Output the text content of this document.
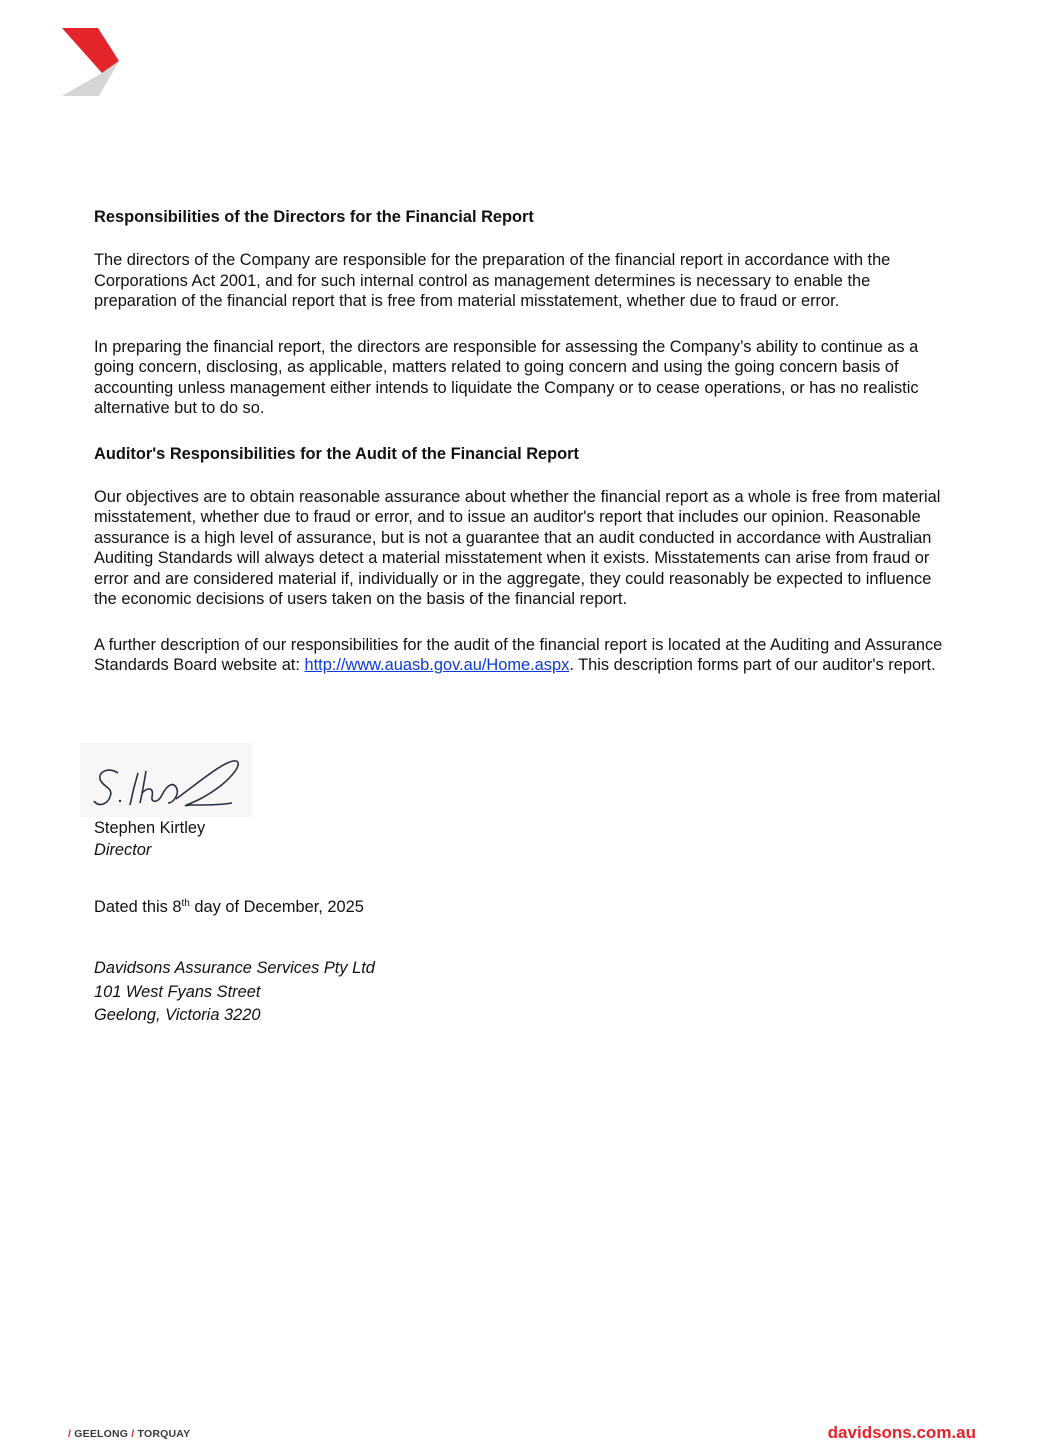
Responsibilities of the Directors for the Financial Report

The directors of the Company are responsible for the preparation of the financial report in accordance with the Corporations Act 2001, and for such internal control as management determines is necessary to enable the preparation of the financial report that is free from material misstatement, whether due to fraud or error.

In preparing the financial report, the directors are responsible for assessing the Company’s ability to continue as a going concern, disclosing, as applicable, matters related to going concern and using the going concern basis of accounting unless management either intends to liquidate the Company or to cease operations, or has no realistic alternative but to do so.

Auditor's Responsibilities for the Audit of the Financial Report

Our objectives are to obtain reasonable assurance about whether the financial report as a whole is free from material misstatement, whether due to fraud or error, and to issue an auditor's report that includes our opinion. Reasonable assurance is a high level of assurance, but is not a guarantee that an audit conducted in accordance with Australian Auditing Standards will always detect a material misstatement when it exists. Misstatements can arise from fraud or error and are considered material if, individually or in the aggregate, they could reasonably be expected to influence the economic decisions of users taken on the basis of the financial report.

A further description of our responsibilities for the audit of the financial report is located at the Auditing and Assurance Standards Board website at: http://www.auasb.gov.au/Home.aspx. This description forms part of our auditor's report.

Stephen Kirtley
Director
Dated this 8th day of December, 2025
Davidsons Assurance Services Pty Ltd
101 West Fyans Street
Geelong, Victoria 3220
/ GEELONG / TORQUAY	davidsons.com.au
